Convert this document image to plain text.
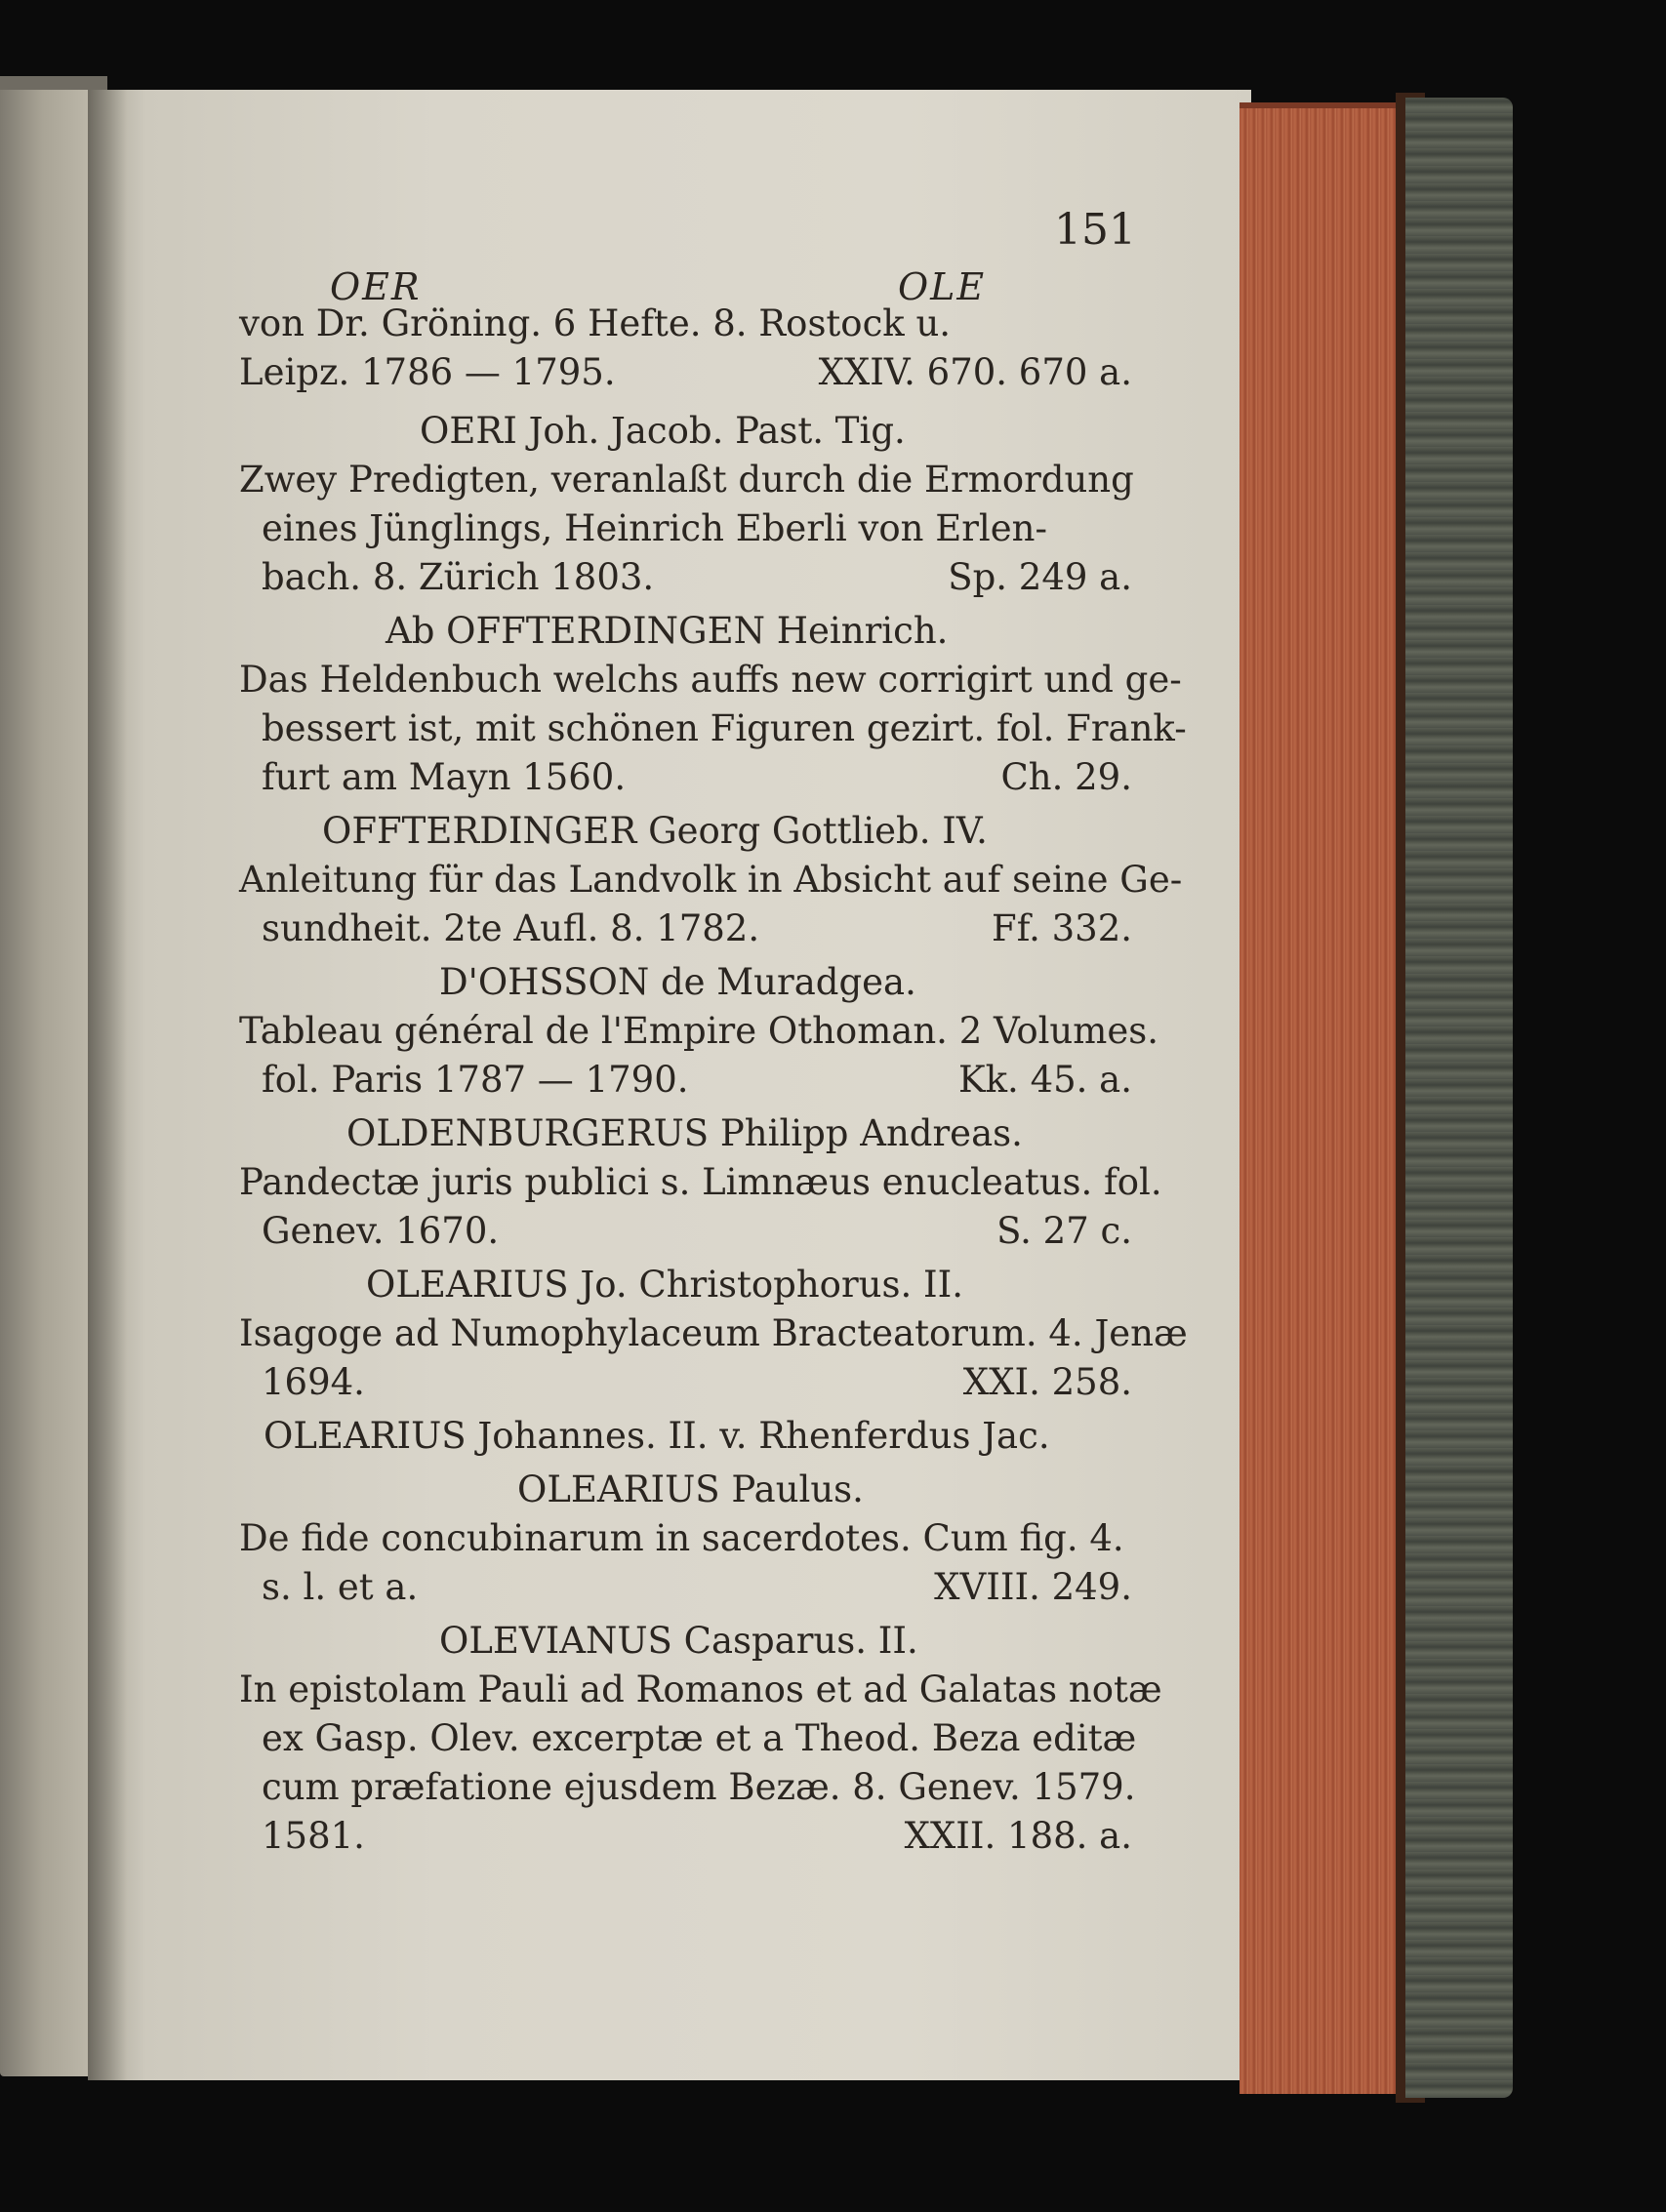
151
OER	OLE
von Dr. Gröning. 6 Hefte. 8. Rostock u.
Leipz. 1786 — 1795.
OERI Joh. Jacob. Past. Tig.
Zwey Predigten, veranlaßt durch die Ermordung
eines Jünglings, Heinrich Eberli von Erlen-
bach. 8. Zürich 1803.
Ab OFFTERDINGEN Heinrich.
Das Heldenbuch welchs auffs new corrigirt und ge-
bessert ist, mit schönen Figuren gezirt. fol. Frank-
furt am Mayn 1560.
OFFTERDINGER Georg Gottlieb. IV.
Anleitung für das Landvolk in Absicht auf seine Ge-
sundheit. 2te Aufl. 8. 1782.
D'OHSSON de Muradgea.
Tableau général de l'Empire Othoman. 2 Volumes.
fol. Paris 1787 — 1790.
OLDENBURGERUS Philipp Andreas.
Pandectæ juris publici s. Limnæus enucleatus. fol.
Genev. 1670.
OLEARIUS Jo. Christophorus. II.
Isagoge ad Numophylaceum Bracteatorum. 4. Jenæ
1694.
OLEARIUS Johannes. II. v. Rhenferdus Jac.
OLEARIUS Paulus.
De fide concubinarum in sacerdotes. Cum fig. 4.
s. l. et a.
OLEVIANUS Casparus. II.
In epistolam Pauli ad Romanos et ad Galatas notæ
ex Gasp. Olev. excerptæ et a Theod. Beza editæ
cum præfatione ejusdem Bezæ. 8. Genev. 1579.
1581.
XXIV. 670. 670 a.
Sp. 249 a.
Ch. 29.
Ff. 332.
Kk. 45. a.
S. 27 c.
XXI. 258.
XVIII. 249.
XXII. 188. a.
